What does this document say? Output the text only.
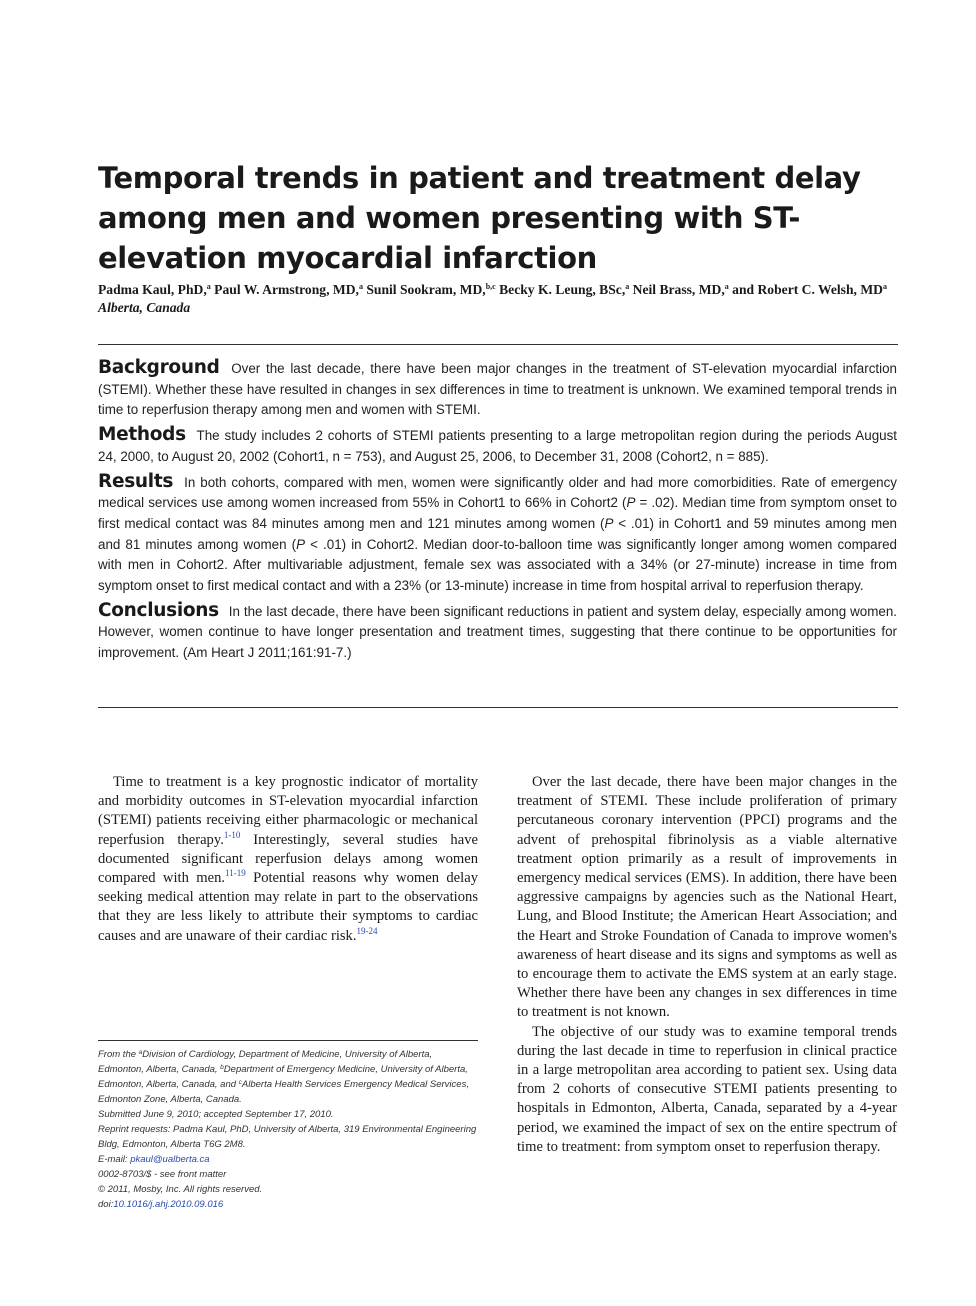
Temporal trends in patient and treatment delay among men and women presenting with ST-elevation myocardial infarction

Padma Kaul, PhD,$^a$ Paul W. Armstrong, MD,$^a$ Sunil Sookram, MD,$^{b,c}$ Becky K. Leung, BSc,$^a$ Neil Brass, MD,$^a$ and Robert C. Welsh, $MD^a$ Alberta, Canada

Background Over the last decade, there have been major changes in the treatment of ST-elevation myocardial infarction (STEMI). Whether these have resulted in changes in sex differences in time to treatment is unknown. We examined temporal trends in time to reperfusion therapy among men and women with STEMI.

Methods The study includes 2 cohorts of STEMI patients presenting to a large metropolitan region during the periods August 24, 2000, to August 20, 2002 (Cohort1, n = 753), and August 25, 2006, to December 31, 2008 (Cohort2, n = 885).

Results In both cohorts, compared with men, women were significantly older and had more comorbidities. Rate of emergency medical services use among women increased from 55% in Cohort1 to 66% in Cohort2 (P = .02). Median time from symptom onset to first medical contact was 84 minutes among men and 121 minutes among women (P < .01) in Cohort1 and 59 minutes among men and 81 minutes among women (P < .01) in Cohort2. Median door-to-balloon time was significantly longer among women compared with men in Cohort2. After multivariable adjustment, female sex was associated with a 34% (or 27-minute) increase in time from symptom onset to first medical contact and with a 23% (or 13-minute) increase in time from hospital arrival to reperfusion therapy.

Conclusions In the last decade, there have been significant reductions in patient and system delay, especially among women. However, women continue to have longer presentation and treatment times, suggesting that there continue to be opportunities for improvement. (Am Heart J 2011;161:91-7.)

Time to treatment is a key prognostic indicator of mortality and morbidity outcomes in ST-elevation myocardial infarction (STEMI) patients receiving either pharmacologic or mechanical reperfusion therapy.$^{1-10}$ Interestingly, several studies have documented significant reperfusion delays among women compared with men.$^{11-19}$ Potential reasons why women delay seeking medical attention may relate in part to the observations that they are less likely to attribute their symptoms to cardiac causes and are unaware of their cardiac risk.$^{19-24}$

From the $^a$Division of Cardiology, Department of Medicine, University of Alberta, Edmonton, Alberta, Canada, $^b$Department of Emergency Medicine, University of Alberta, Edmonton, Alberta, Canada, and $^c$Alberta Health Services Emergency Medical Services, Edmonton Zone, Alberta, Canada.
Submitted June 9, 2010; accepted September 17, 2010.
Reprint requests: Padma Kaul, PhD, University of Alberta, 319 Environmental Engineering Bldg, Edmonton, Alberta T6G 2M8.
E-mail: pkaul@ualberta.ca
0002-8703/$ - see front matter
© 2011, Mosby, Inc. All rights reserved.
doi:10.1016/j.ahj.2010.09.016

Over the last decade, there have been major changes in the treatment of STEMI. These include proliferation of primary percutaneous coronary intervention (PPCI) programs and the advent of prehospital fibrinolysis as a viable alternative treatment option primarily as a result of improvements in emergency medical services (EMS). In addition, there have been aggressive campaigns by agencies such as the National Heart, Lung, and Blood Institute; the American Heart Association; and the Heart and Stroke Foundation of Canada to improve women's awareness of heart disease and its signs and symptoms as well as to encourage them to activate the EMS system at an early stage. Whether there have been any changes in sex differences in time to treatment is not known.

The objective of our study was to examine temporal trends during the last decade in time to reperfusion in clinical practice in a large metropolitan area according to patient sex. Using data from 2 cohorts of consecutive STEMI patients presenting to hospitals in Edmonton, Alberta, Canada, separated by a 4-year period, we examined the impact of sex on the entire spectrum of time to treatment: from symptom onset to reperfusion therapy.
